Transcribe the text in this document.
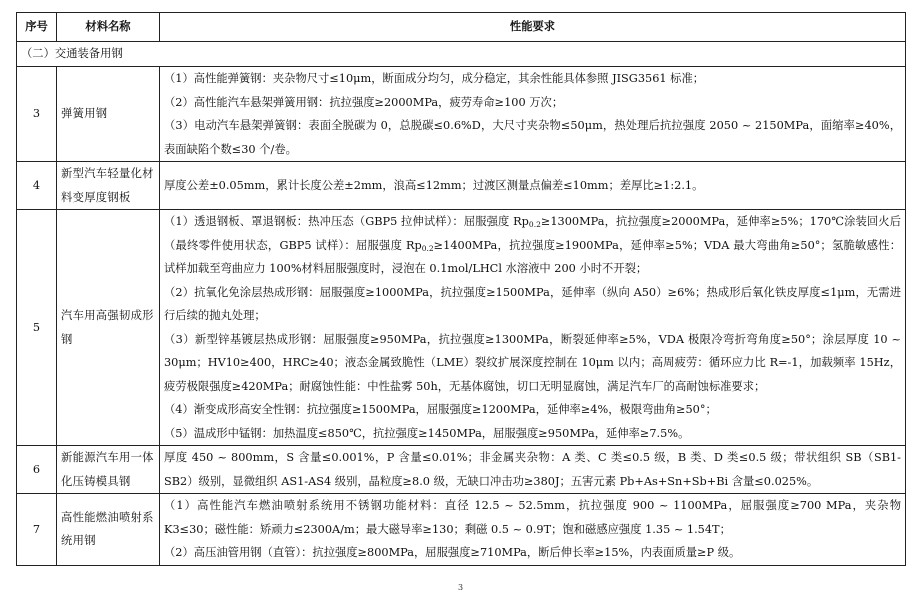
序号	材料名称	性能要求
（二）交通装备用钢		
3	弹簧用钢	（1）高性能弹簧钢：夹杂物尺寸≤10μm，断面成分均匀，成分稳定，其余性能具体参照 JISG3561 标准；
（2）高性能汽车悬架弹簧用钢：抗拉强度≥2000MPa，疲劳寿命≥100 万次；
（3）电动汽车悬架弹簧钢：表面全脱碳为 0，总脱碳≤0.6%D，大尺寸夹杂物≤50μm，热处理后抗拉强度 2050 ~ 2150MPa，面缩率≥40%，表面缺陷个数≤30 个/卷。

4	新型汽车轻量化材料变厚度钢板	厚度公差±0.05mm，累计长度公差±2mm，浪高≤12mm；过渡区测量点偏差≤10mm；差厚比≥1:2.1。

5	汽车用高强韧成形钢	（1）透退钢板、罩退钢板：热冲压态（GBP5 拉伸试样）：屈服强度 $Rp_{0.2}\ge 1300MPa$，抗拉强度≥2000MPa，延伸率≥5%；170℃涂装回火后（最终零件使用状态，GBP5 试样）：屈服强度 $Rp_{0.2}\ge 1400MPa$，抗拉强度≥1900MPa，延伸率≥5%；VDA 最大弯曲角≥50°；氢脆敏感性：试样加载至弯曲应力 100%材料屈服强度时，浸泡在 0.1mol/LHCl 水溶液中 200 小时不开裂；
（2）抗氧化免涂层热成形钢：屈服强度≥1000MPa，抗拉强度≥1500MPa，延伸率（纵向 A50）≥6%；热成形后氧化铁皮厚度≤1μm，无需进行后续的抛丸处理；
（3）新型锌基镀层热成形钢：屈服强度≥950MPa，抗拉强度≥1300MPa，断裂延伸率≥5%，VDA 极限冷弯折弯角度≥50°；涂层厚度 10 ~ 30μm；HV10≥400，HRC≥40；液态金属致脆性（LME）裂纹扩展深度控制在 10μm 以内；高周疲劳：循环应力比 R=-1，加载频率 15Hz，疲劳极限强度≥420MPa；耐腐蚀性能：中性盐雾 50h，无基体腐蚀，切口无明显腐蚀，满足汽车厂的高耐蚀标准要求；
（4）渐变成形高安全性钢：抗拉强度≥1500MPa，屈服强度≥1200MPa，延伸率≥4%，极限弯曲角≥50°；
（5）温成形中锰钢：加热温度≤850℃，抗拉强度≥1450MPa，屈服强度≥950MPa，延伸率≥7.5%。

6	新能源汽车用一体化压铸模具钢	厚度 450 ~ 800mm，S 含量≤0.001%，P 含量≤0.01%；非金属夹杂物：A 类、C 类≤0.5 级，B 类、D 类≤0.5 级；带状组织 SB（SB1-SB2）级别，显微组织 AS1-AS4 级别，晶粒度≥8.0 级，无缺口冲击功≥380J；五害元素 Pb+As+Sn+Sb+Bi 含量≤0.025%。

7	高性能燃油喷射系统用钢	（1）高性能汽车燃油喷射系统用不锈钢功能材料：直径 12.5 ~ 52.5mm，抗拉强度 900 ~ 1100MPa，屈服强度≥700 MPa，夹杂物 K3≤30；磁性能：矫顽力≤2300A/m；最大磁导率≥130；剩磁 0.5 ~ 0.9T；饱和磁感应强度 1.35 ~ 1.54T；
（2）高压油管用钢（直管）：抗拉强度≥800MPa，屈服强度≥710MPa，断后伸长率≥15%，内表面质量≥P 级。
3
